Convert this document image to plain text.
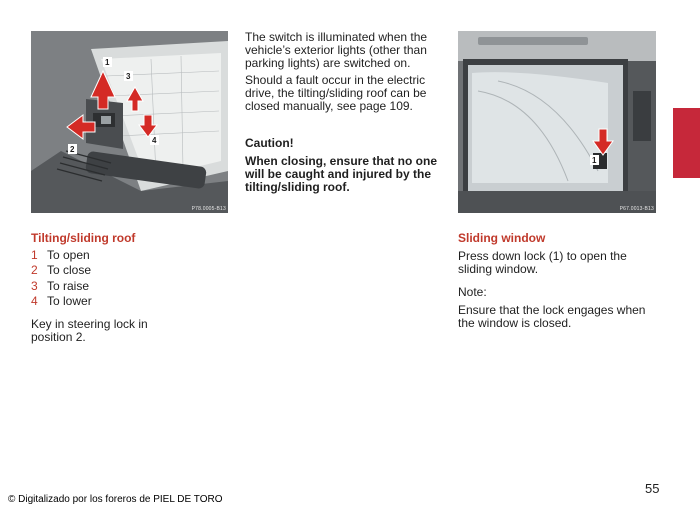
1
2
3
4
P78.0005-B13

The switch is illuminated when the vehicle’s exterior lights (other than parking lights) are switched on.

Should a fault occur in the electric drive, the tilting/sliding roof can be closed manually, see page 109.

Caution!

When closing, ensure that no one will be caught and injured by the tilting/sliding roof.

Tilting/sliding roof
1 To open
2 To close
3 To raise
4 To lower

Key in steering lock in position 2.

1
P67.0013-B13
Sliding window

Press down lock (1) to open the sliding window.

Note:

Ensure that the lock engages when the window is closed.

© Digitalizado por los foreros de PIEL DE TORO
55
